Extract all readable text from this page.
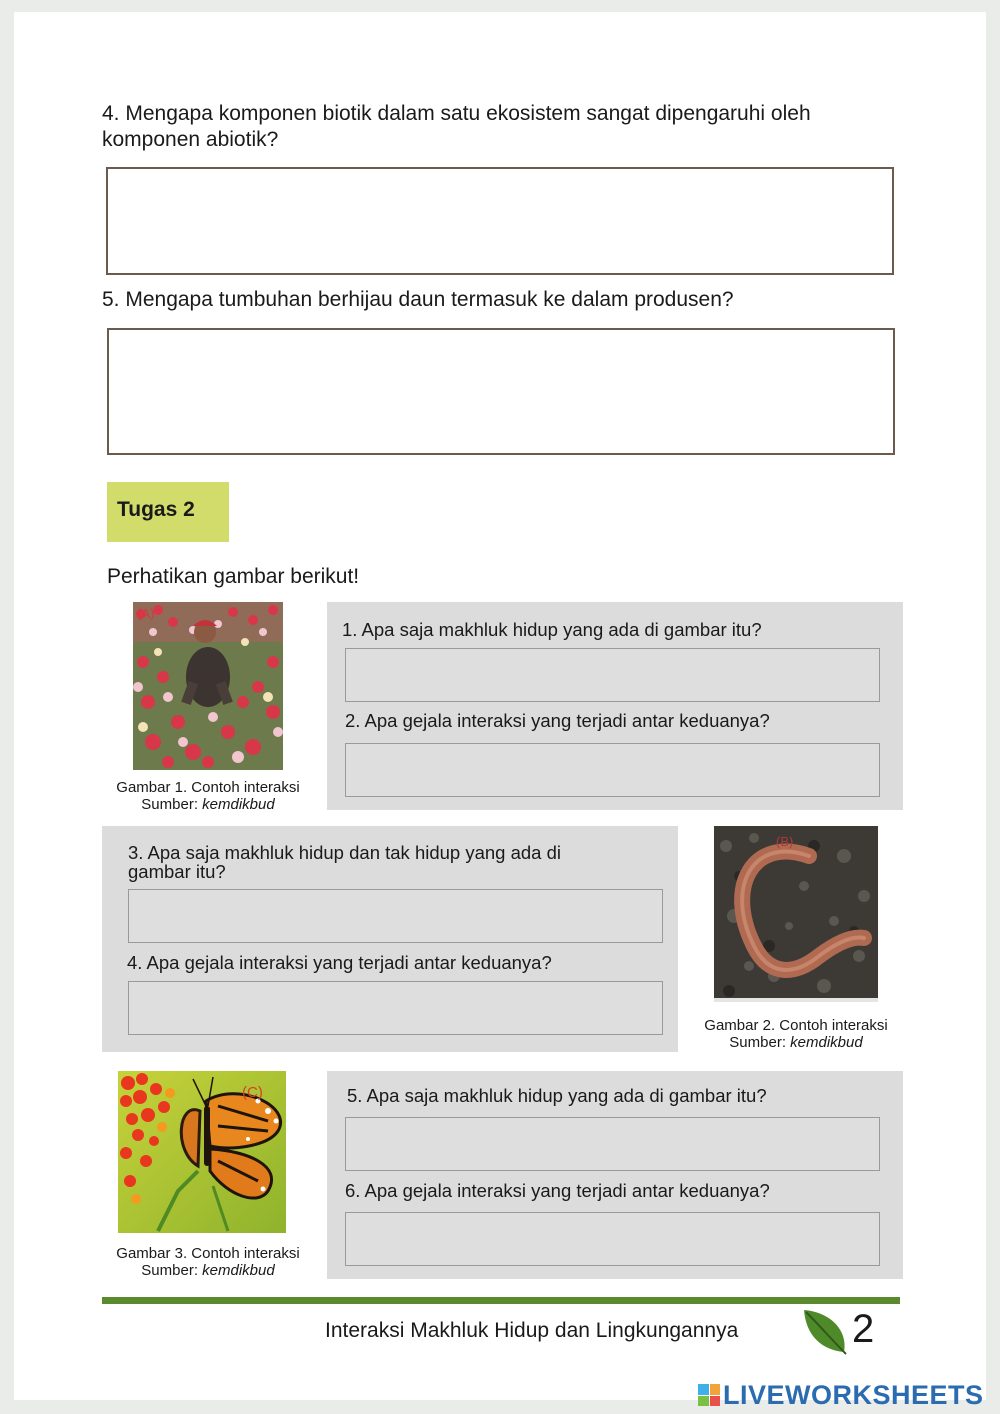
4. Mengapa komponen biotik dalam satu ekosistem sangat dipengaruhi oleh komponen abiotik?
5. Mengapa tumbuhan berhijau daun termasuk ke dalam produsen?
Tugas 2
Perhatikan gambar berikut!
(A)
Gambar 1. Contoh interaksi
Sumber: kemdikbud
1. Apa saja makhluk hidup yang ada di gambar itu?
2. Apa gejala interaksi yang terjadi antar keduanya?
3. Apa saja makhluk hidup dan tak hidup yang ada di gambar itu?
4. Apa gejala interaksi yang terjadi antar keduanya?
(B)
Gambar 2. Contoh interaksi
Sumber: kemdikbud
(C)
Gambar 3. Contoh interaksi
Sumber: kemdikbud
5. Apa saja makhluk hidup yang ada di gambar itu?
6. Apa gejala interaksi yang terjadi antar keduanya?
Interaksi Makhluk Hidup dan Lingkungannya	2
LIVEWORKSHEETS
